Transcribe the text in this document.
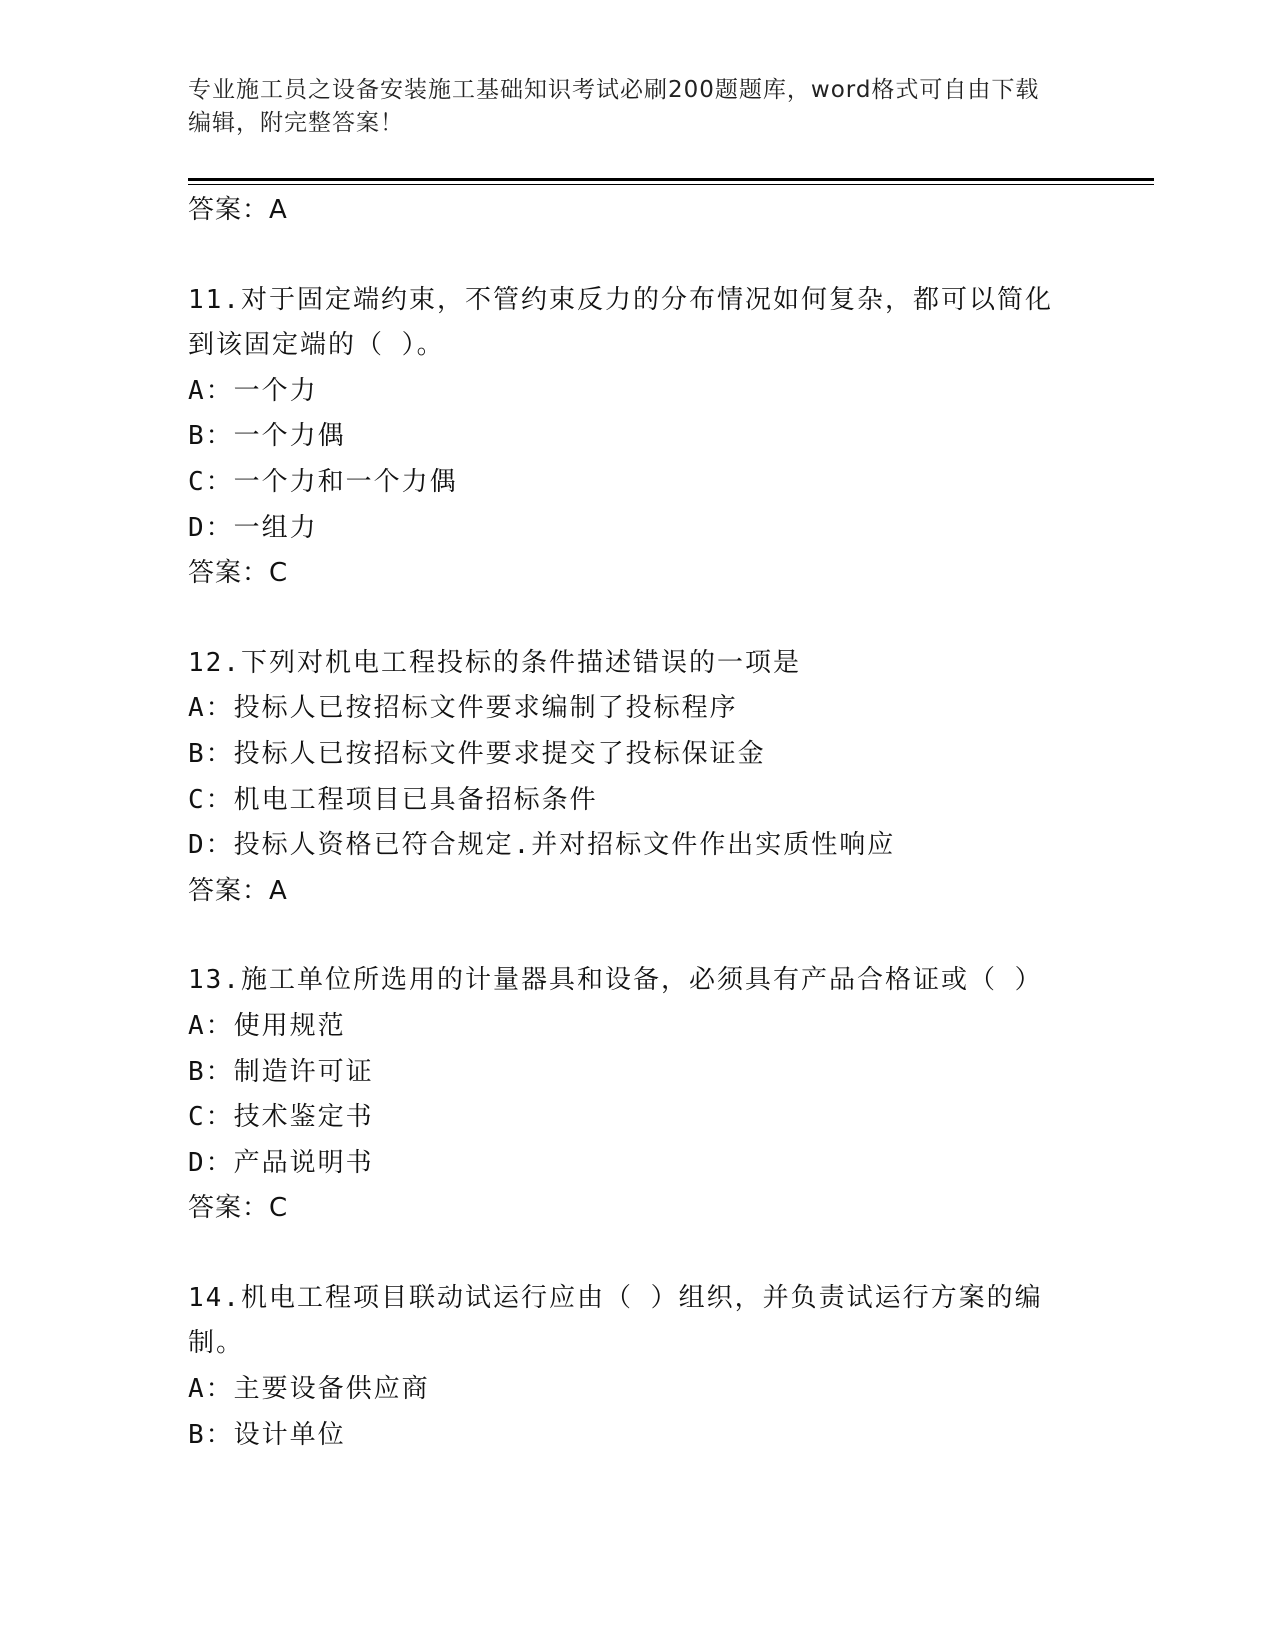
专业施工员之设备安装施工基础知识考试必刷200题题库，word格式可自由下载
编辑，附完整答案！
答案：A
11.对于固定端约束，不管约束反力的分布情况如何复杂，都可以简化
到该固定端的（ ）。
A：一个力
B：一个力偶
C：一个力和一个力偶
D：一组力
答案：C
12.下列对机电工程投标的条件描述错误的一项是
A：投标人已按招标文件要求编制了投标程序
B：投标人已按招标文件要求提交了投标保证金
C：机电工程项目已具备招标条件
D：投标人资格已符合规定.并对招标文件作出实质性响应
答案：A
13.施工单位所选用的计量器具和设备，必须具有产品合格证或（ ）
A：使用规范
B：制造许可证
C：技术鉴定书
D：产品说明书
答案：C
14.机电工程项目联动试运行应由（ ）组织，并负责试运行方案的编
制。
A：主要设备供应商
B：设计单位
